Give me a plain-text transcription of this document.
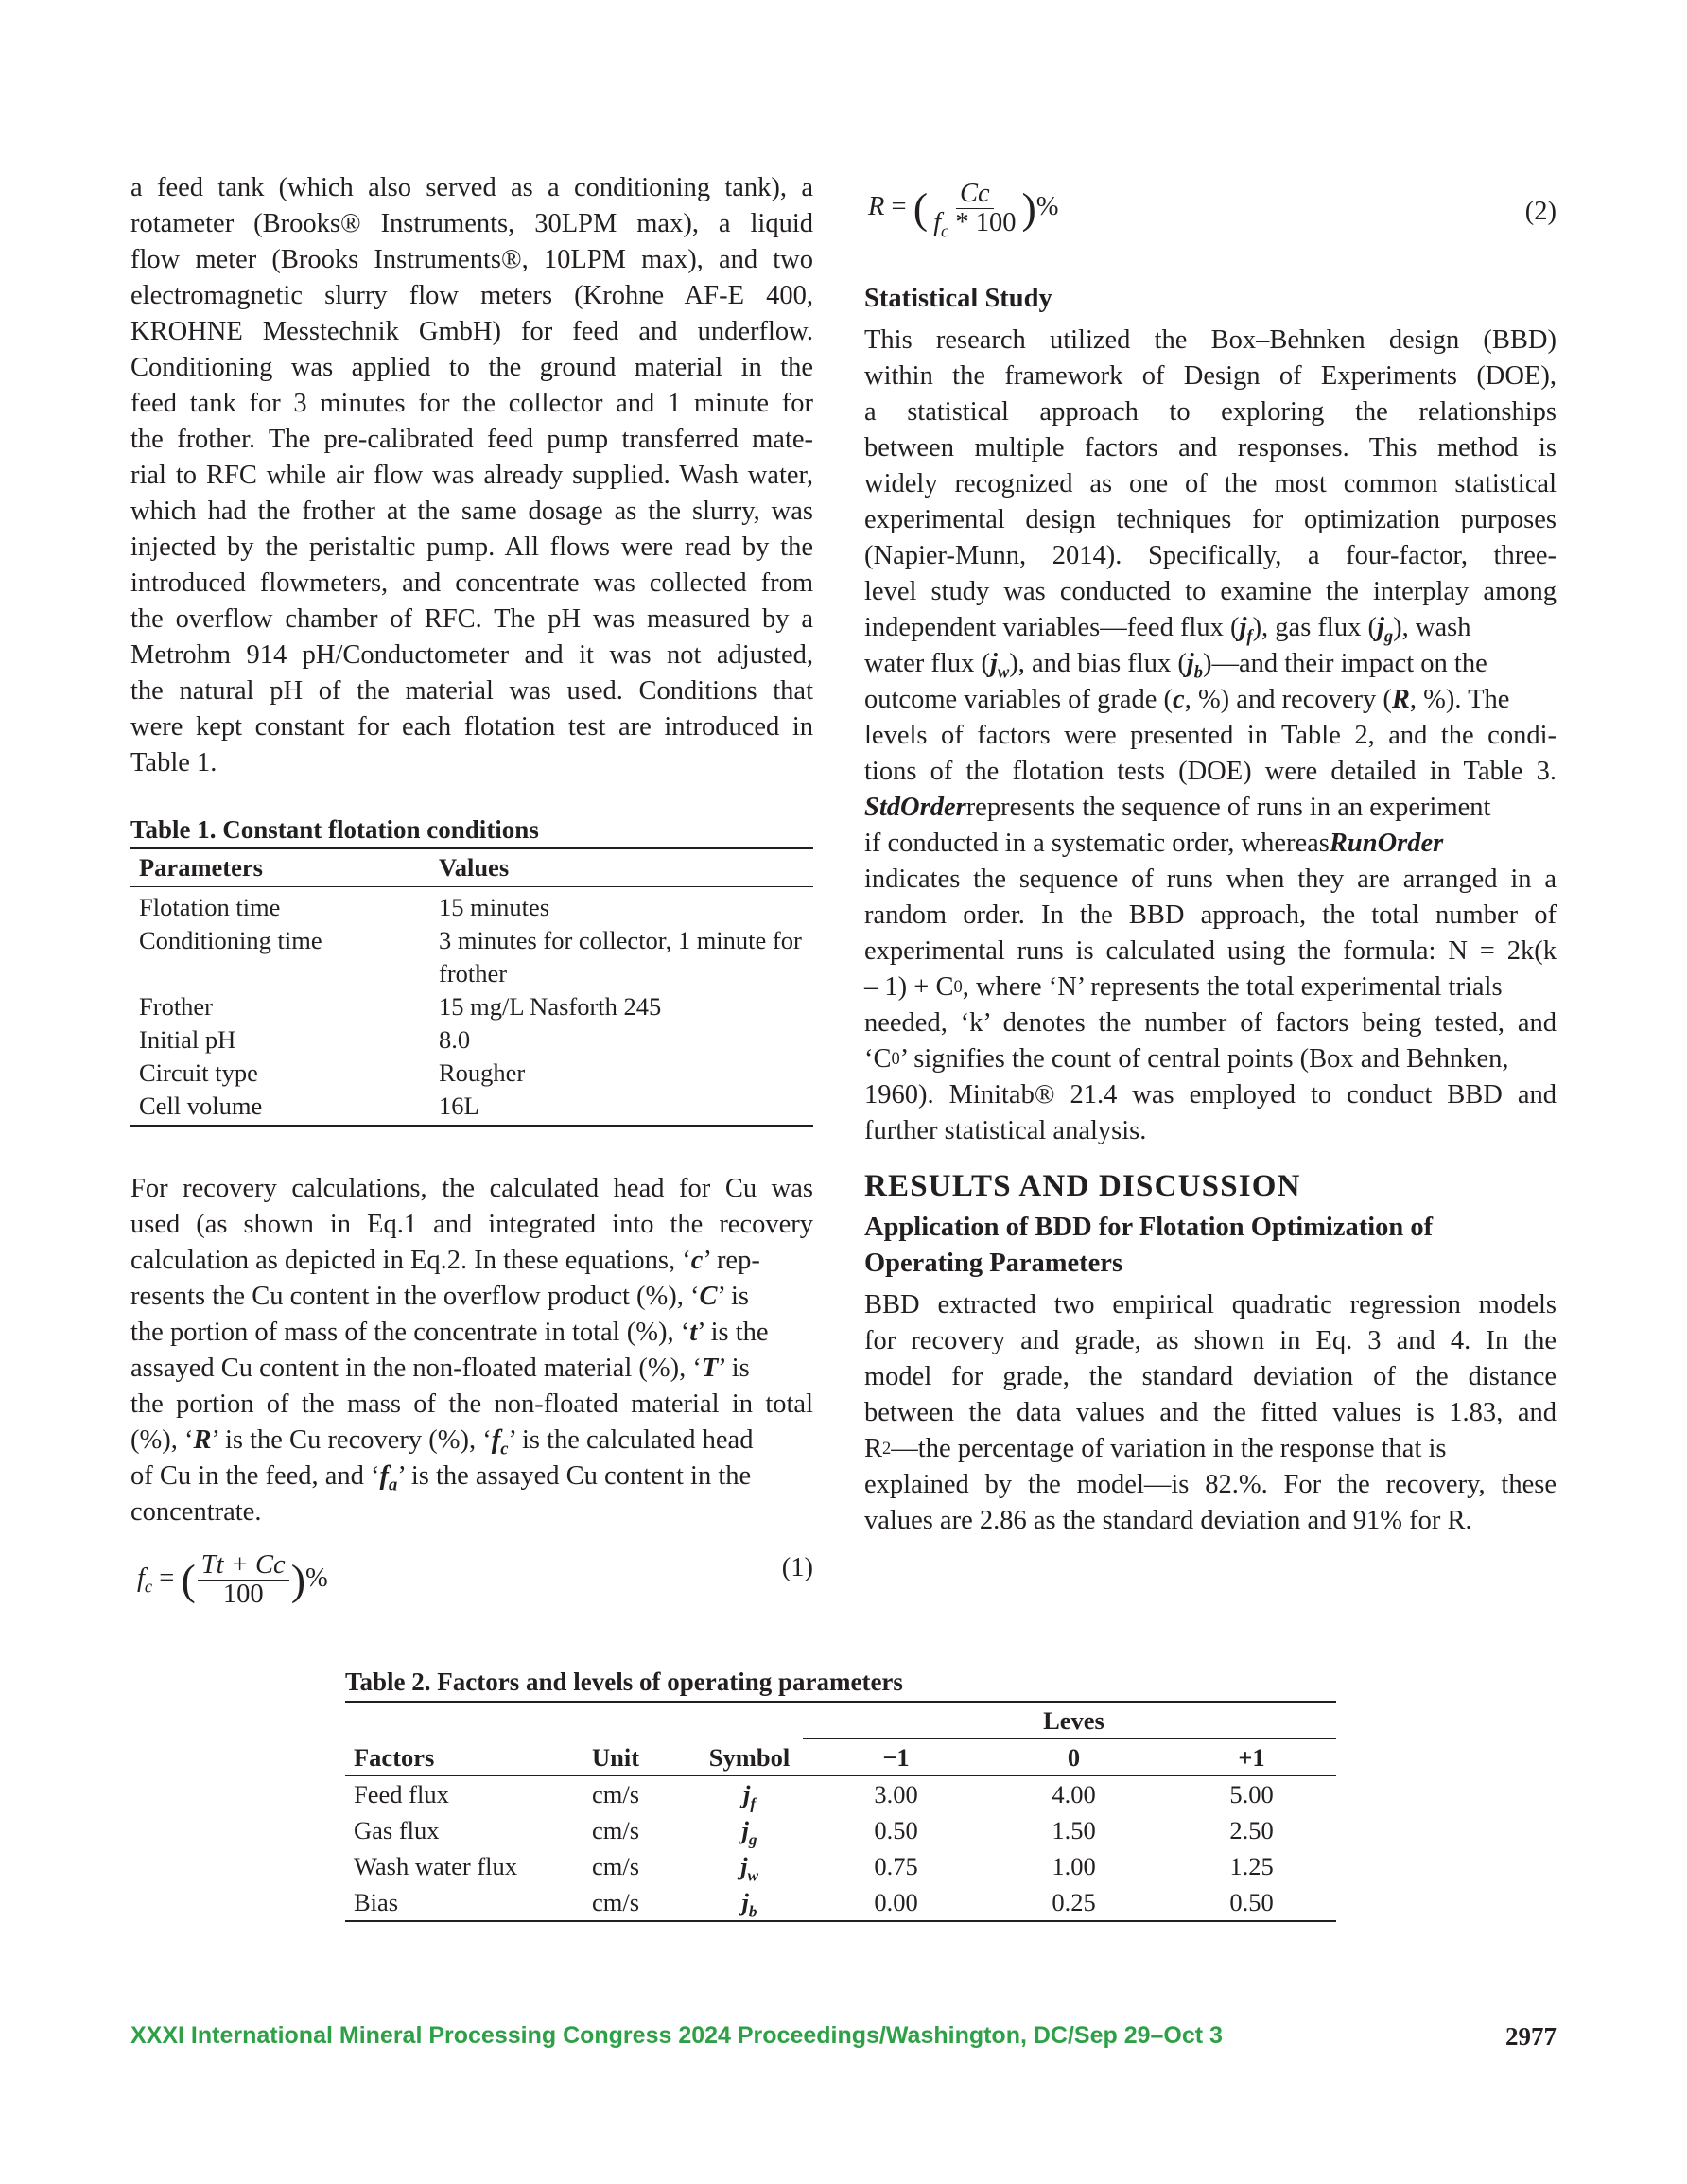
a feed tank (which also served as a conditioning tank), a
rotameter (Brooks® Instruments, 30LPM max), a liquid
flow meter (Brooks Instruments®, 10LPM max), and two
electromagnetic slurry flow meters (Krohne AF-E 400,
KROHNE Messtechnik GmbH) for feed and underflow.
Conditioning was applied to the ground material in the
feed tank for 3 minutes for the collector and 1 minute for
the frother. The pre-calibrated feed pump transferred mate-
rial to RFC while air flow was already supplied. Wash water,
which had the frother at the same dosage as the slurry, was
injected by the peristaltic pump. All flows were read by the
introduced flowmeters, and concentrate was collected from
the overflow chamber of RFC. The pH was measured by a
Metrohm 914 pH/Conductometer and it was not adjusted,
the natural pH of the material was used. Conditions that
were kept constant for each flotation test are introduced in
Table 1.
Table 1. Constant flotation conditions
Parameters	Values
Flotation time	15 minutes
Conditioning time	3 minutes for collector, 1 minute for frother
Frother	15 mg/L Nasforth 245
Initial pH	8.0
Circuit type	Rougher
Cell volume	16L
For recovery calculations, the calculated head for Cu was
used (as shown in Eq.1 and integrated into the recovery
calculation as depicted in Eq.2. In these equations, ‘c’ rep-
resents the Cu content in the overflow product (%), ‘ C ’ is
the portion of mass of the concentrate in total (%), ‘ t ’ is the
assayed Cu content in the non-floated material (%), ‘ T ’ is
the portion of the mass of the non-floated material in total
(%), ‘ R ’ is the Cu recovery (%), ‘ $f_c$ ’ is the calculated head
of Cu in the feed, and ‘ $f_a$ ’ is the assayed Cu content in the
concentrate.
$f_c$ = ( $\frac{Tt + Cc}{100}$ )%	(1)
R = ( $\frac{Cc}{f_c * 100}$ )%	(2)
Statistical Study
This research utilized the Box–Behnken design (BBD)
within the framework of Design of Experiments (DOE),
a statistical approach to exploring the relationships
between multiple factors and responses. This method is
widely recognized as one of the most common statistical
experimental design techniques for optimization purposes
(Napier-Munn, 2014). Specifically, a four-factor, three-
level study was conducted to examine the interplay among
independent variables—feed flux ( $j_f$ ), gas flux ( $j_g$ ), wash
water flux ( $j_w$ ), and bias flux ( $j_b$ )—and their impact on the
outcome variables of grade ( c , %) and recovery ( R , %). The
levels of factors were presented in Table 2, and the condi-
tions of the flotation tests (DOE) were detailed in Table 3.
StdOrder represents the sequence of runs in an experiment
if conducted in a systematic order, whereas RunOrder
indicates the sequence of runs when they are arranged in a
random order. In the BBD approach, the total number of
experimental runs is calculated using the formula: N = 2k(k
– 1) + C 0 , where ‘N’ represents the total experimental trials
needed, ‘k’ denotes the number of factors being tested, and
‘C 0 ’ signifies the count of central points (Box and Behnken,
1960). Minitab® 21.4 was employed to conduct BBD and
further statistical analysis.
RESULTS AND DISCUSSION
Application of BDD for Flotation Optimization of
Operating Parameters
BBD extracted two empirical quadratic regression models
for recovery and grade, as shown in Eq. 3 and 4. In the
model for grade, the standard deviation of the distance
between the data values and the fitted values is 1.83, and
R 2 —the percentage of variation in the response that is
explained by the model—is 82.%. For the recovery, these
values are 2.86 as the standard deviation and 91% for R.
Table 2. Factors and levels of operating parameters
			Leves		
Factors	Unit	Symbol	−1	0	+1
Feed flux	cm/s	$j_f$	3.00	4.00	5.00
Gas flux	cm/s	$j_g$	0.50	1.50	2.50
Wash water flux	cm/s	$j_w$	0.75	1.00	1.25
Bias	cm/s	$j_b$	0.00	0.25	0.50
XXXI International Mineral Processing Congress 2024 Proceedings/Washington, DC/Sep 29–Oct 3	2977
